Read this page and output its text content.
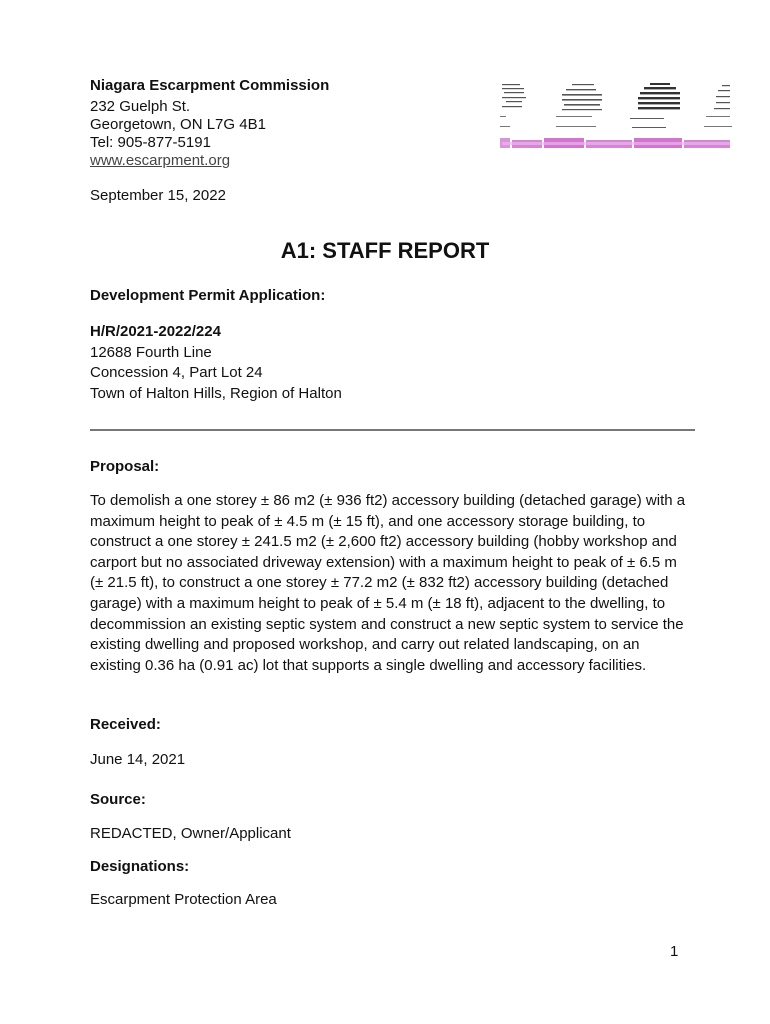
Niagara Escarpment Commission
232 Guelph St.
Georgetown, ON L7G 4B1
Tel: 905-877-5191
www.escarpment.org
September 15, 2022
A1: STAFF REPORT
Development Permit Application:
H/R/2021-2022/224
12688 Fourth Line
Concession 4, Part Lot 24
Town of Halton Hills, Region of Halton
Proposal:
To demolish a one storey ± 86 m2 (± 936 ft2) accessory building (detached garage) with a maximum height to peak of ± 4.5 m (± 15 ft), and one accessory storage building, to construct a one storey ± 241.5 m2 (± 2,600 ft2) accessory building (hobby workshop and carport but no associated driveway extension) with a maximum height to peak of ± 6.5 m (± 21.5 ft), to construct a one storey ± 77.2 m2 (± 832 ft2) accessory building (detached garage) with a maximum height to peak of ± 5.4 m (± 18 ft), adjacent to the dwelling, to decommission an existing septic system and construct a new septic system to service the existing dwelling and proposed workshop, and carry out related landscaping, on an existing 0.36 ha (0.91 ac) lot that supports a single dwelling and accessory facilities.
Received:
June 14, 2021
Source:
REDACTED, Owner/Applicant
Designations:
Escarpment Protection Area
1
